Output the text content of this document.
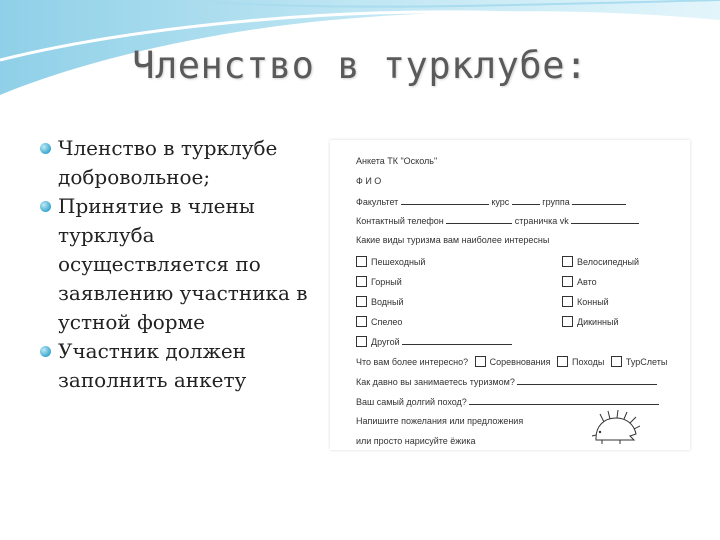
Членство в турклубе:
Членство в турклубе добровольное;
Принятие в члены турклуба осуществляется по заявлению участника в устной форме
Участник должен заполнить анкету
Анкета ТК "Осколь"
Ф И О
Факультет	курс	группа
Контактный телефон	страничка vk
Какие виды туризма вам наиболее интересны
Пешеходный	Велосипедный
Горный	Авто
Водный	Конный
Спелео	Дикинный
Другой
Что вам более интересно? Соревнования Походы ТурСлеты
Как давно вы занимаетесь туризмом?
Ваш самый долгий поход?
Напишите пожелания или предложения
или просто нарисуйте ёжика
